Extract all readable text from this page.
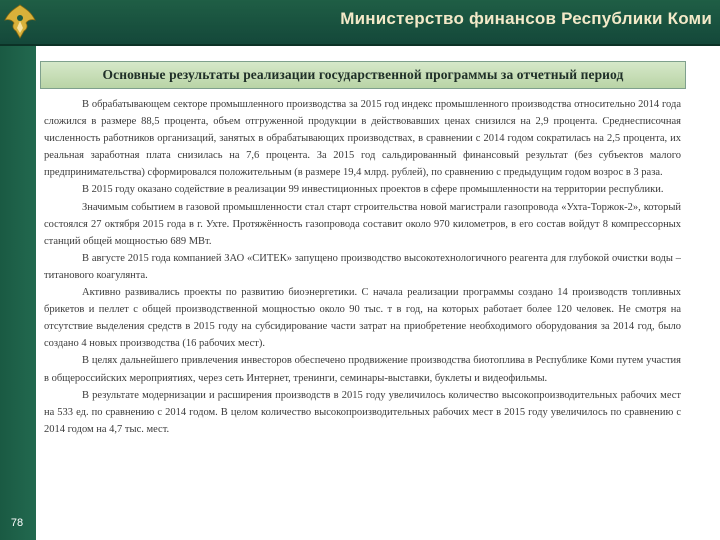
Министерство финансов Республики Коми
78
Основные результаты реализации государственной программы за отчетный период

В обрабатывающем секторе промышленного производства за 2015 год индекс промышленного производства относительно 2014 года сложился в размере 88,5 процента, объем отгруженной продукции в действовавших ценах снизился на 2,9 процента. Среднесписочная численность работников организаций, занятых в обрабатывающих производствах, в сравнении с 2014 годом сократилась на 2,5 процента, их реальная заработная плата снизилась на 7,6 процента. За 2015 год сальдированный финансовый результат (без субъектов малого предпринимательства) сформировался положительным (в размере 19,4 млрд. рублей), по сравнению с предыдущим годом возрос в 3 раза.

В 2015 году оказано содействие в реализации 99 инвестиционных проектов в сфере промышленности на территории республики.

Значимым событием в газовой промышленности стал старт строительства новой магистрали газопровода «Ухта-Торжок-2», который состоялся 27 октября 2015 года в г. Ухте. Протяжённость газопровода составит около 970 километров, в его состав войдут 8 компрессорных станций общей мощностью 689 МВт.

В августе 2015 года компанией ЗАО «СИТЕК» запущено производство высокотехнологичного реагента для глубокой очистки воды – титанового коагулянта.

Активно развивались проекты по развитию биоэнергетики. С начала реализации программы создано 14 производств топливных брикетов и пеллет с общей производственной мощностью около 90 тыс. т в год, на которых работает более 120 человек. Не смотря на отсутствие выделения средств в 2015 году на субсидирование части затрат на приобретение необходимого оборудования за 2014 год, было создано 4 новых производства (16 рабочих мест).

В целях дальнейшего привлечения инвесторов обеспечено продвижение производства биотоплива в Республике Коми путем участия в общероссийских мероприятиях, через сеть Интернет, тренинги, семинары-выставки, буклеты и видеофильмы.

В результате модернизации и расширения производств в 2015 году увеличилось количество высокопроизводительных рабочих мест на 533 ед. по сравнению с 2014 годом. В целом количество высокопроизводительных рабочих мест в 2015 году увеличилось по сравнению с 2014 годом на 4,7 тыс. мест.
